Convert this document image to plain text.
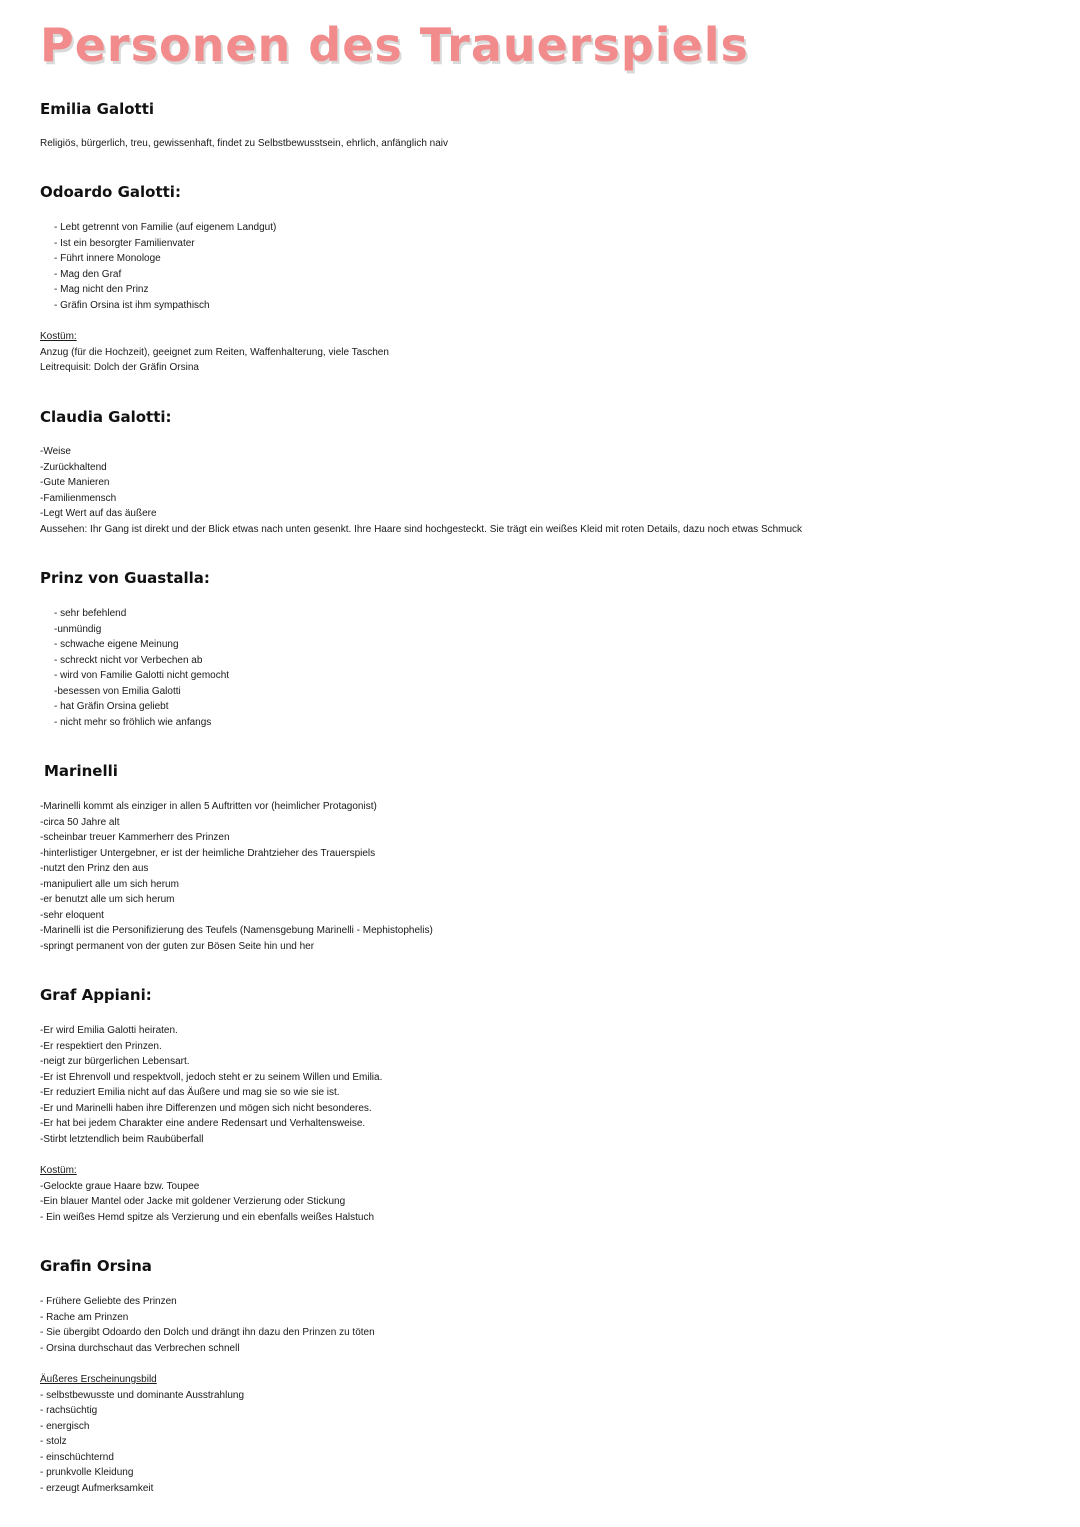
Personen des Trauerspiels
Emilia Galotti
Religiös, bürgerlich, treu, gewissenhaft, findet zu Selbstbewusstsein, ehrlich, anfänglich naiv
Odoardo Galotti:
- Lebt getrennt von Familie (auf eigenem Landgut)
- Ist ein besorgter Familienvater
- Führt innere Monologe
- Mag den Graf
- Mag nicht den Prinz
- Gräfin Orsina ist ihm sympathisch
Kostüm:
Anzug (für die Hochzeit), geeignet zum Reiten, Waffenhalterung, viele Taschen
Leitrequisit: Dolch der Gräfin Orsina
Claudia Galotti:
-Weise
-Zurückhaltend
-Gute Manieren
-Familienmensch
-Legt Wert auf das äußere
Aussehen: Ihr Gang ist direkt und der Blick etwas nach unten gesenkt. Ihre Haare sind hochgesteckt. Sie trägt ein weißes Kleid mit roten Details, dazu noch etwas Schmuck
Prinz von Guastalla:
- sehr befehlend
-unmündig
- schwache eigene Meinung
- schreckt nicht vor Verbechen ab
- wird von Familie Galotti nicht gemocht
-besessen von Emilia Galotti
- hat Gräfin Orsina geliebt
- nicht mehr so fröhlich wie anfangs
Marinelli
-Marinelli kommt als einziger in allen 5 Auftritten vor (heimlicher Protagonist)
-circa 50 Jahre alt
-scheinbar treuer Kammerherr des Prinzen
-hinterlistiger Untergebner, er ist der heimliche Drahtzieher des Trauerspiels
-nutzt den Prinz den aus
-manipuliert alle um sich herum
-er benutzt alle um sich herum
-sehr eloquent
-Marinelli ist die Personifizierung des Teufels (Namensgebung Marinelli - Mephistophelis)
-springt permanent von der guten zur Bösen Seite hin und her
Graf Appiani:
-Er wird Emilia Galotti heiraten.
-Er respektiert den Prinzen.
-neigt zur bürgerlichen Lebensart.
-Er ist Ehrenvoll und respektvoll, jedoch steht er zu seinem Willen und Emilia.
-Er reduziert Emilia nicht auf das Äußere und mag sie so wie sie ist.
-Er und Marinelli haben ihre Differenzen und mögen sich nicht besonderes.
-Er hat bei jedem Charakter eine andere Redensart und Verhaltensweise.
-Stirbt letztendlich beim Raubüberfall
Kostüm:
-Gelockte graue Haare bzw. Toupee
-Ein blauer Mantel oder Jacke mit goldener Verzierung oder Stickung
- Ein weißes Hemd spitze als Verzierung und ein ebenfalls weißes Halstuch
Grafin Orsina
- Frühere Geliebte des Prinzen
- Rache am Prinzen
- Sie übergibt Odoardo den Dolch und drängt ihn dazu den Prinzen zu töten
- Orsina durchschaut das Verbrechen schnell
Äußeres Erscheinungsbild
- selbstbewusste und dominante Ausstrahlung
- rachsüchtig
- energisch
- stolz
- einschüchternd
- prunkvolle Kleidung
- erzeugt Aufmerksamkeit
